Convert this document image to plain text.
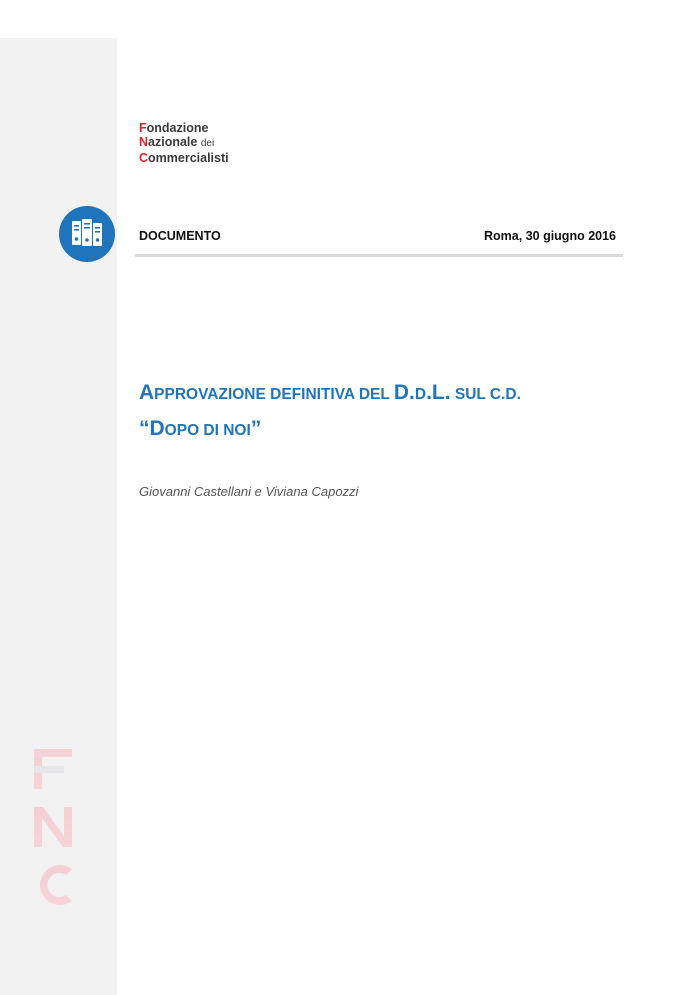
Fondazione
Nazionale dei
Commercialisti
DOCUMENTO	Roma, 30 giugno 2016
APPROVAZIONE DEFINITIVA DEL D.D.L. SUL C.D.
“DOPO DI NOI”
Giovanni Castellani e Viviana Capozzi
